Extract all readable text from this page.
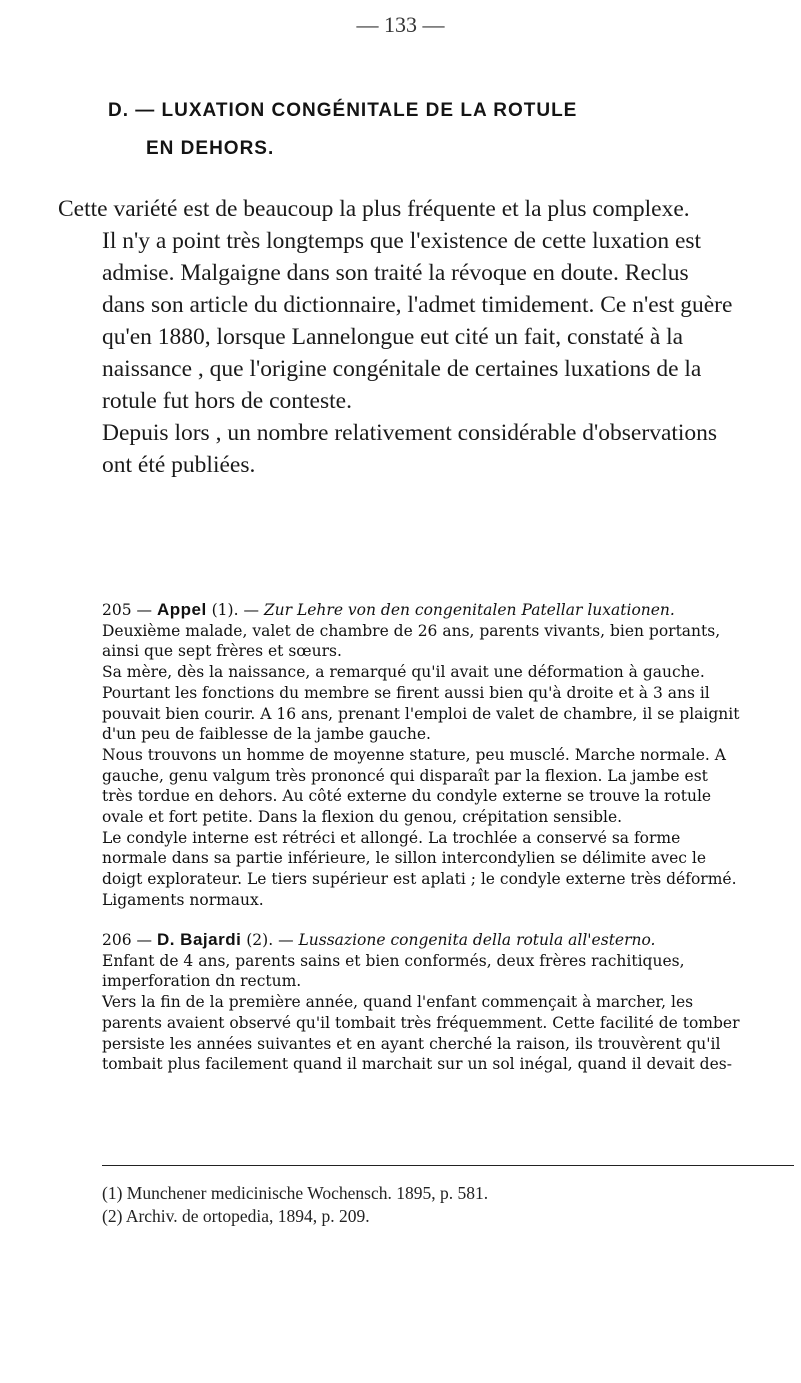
— 133 —
D. — LUXATION CONGÉNITALE DE LA ROTULE
EN DEHORS.

Cette variété est de beaucoup la plus fréquente et la plus complexe.

Il n'y a point très longtemps que l'existence de cette luxation est admise. Malgaigne dans son traité la révoque en doute. Reclus dans son article du dictionnaire, l'admet timidement. Ce n'est guère qu'en 1880, lorsque Lannelongue eut cité un fait, constaté à la naissance , que l'origine congénitale de certaines luxations de la rotule fut hors de conteste.

Depuis lors , un nombre relativement considérable d'observations ont été publiées.

205 — Appel (1). — Zur Lehre von den congenitalen Patellar luxationen.

Deuxième malade, valet de chambre de 26 ans, parents vivants, bien portants, ainsi que sept frères et sœurs.

Sa mère, dès la naissance, a remarqué qu'il avait une déformation à gauche. Pourtant les fonctions du membre se firent aussi bien qu'à droite et à 3 ans il pouvait bien courir. A 16 ans, prenant l'emploi de valet de chambre, il se plaignit d'un peu de faiblesse de la jambe gauche.

Nous trouvons un homme de moyenne stature, peu musclé. Marche normale. A gauche, genu valgum très prononcé qui disparaît par la flexion. La jambe est très tordue en dehors. Au côté externe du condyle externe se trouve la rotule ovale et fort petite. Dans la flexion du genou, crépitation sensible.

Le condyle interne est rétréci et allongé. La trochlée a conservé sa forme normale dans sa partie inférieure, le sillon intercondylien se délimite avec le doigt explorateur. Le tiers supérieur est aplati ; le condyle externe très déformé. Ligaments normaux.

206 — D. Bajardi (2). — Lussazione congenita della rotula all'esterno.

Enfant de 4 ans, parents sains et bien conformés, deux frères rachitiques, imperforation dn rectum.

Vers la fin de la première année, quand l'enfant commençait à marcher, les parents avaient observé qu'il tombait très fréquemment. Cette facilité de tomber persiste les années suivantes et en ayant cherché la raison, ils trouvèrent qu'il tombait plus facilement quand il marchait sur un sol inégal, quand il devait des-

(1) Munchener medicinische Wochensch. 1895, p. 581.

(2) Archiv. de ortopedia, 1894, p. 209.
